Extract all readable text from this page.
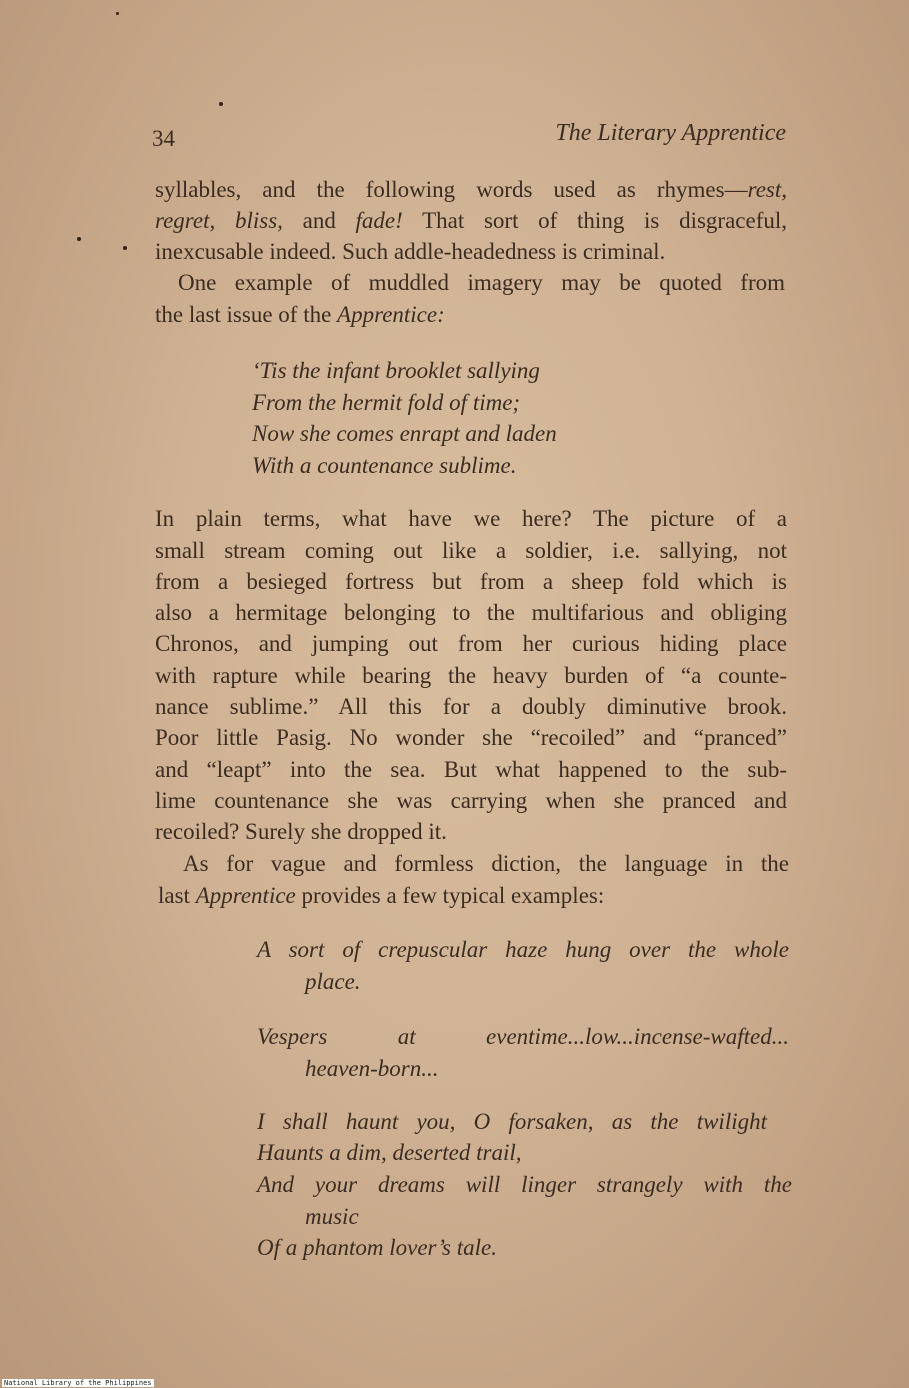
34	The Literary Apprentice
syllables, and the following words used as rhymes—rest,
regret, bliss, and fade! That sort of thing is disgraceful,
inexcusable indeed. Such addle-headedness is criminal.
One example of muddled imagery may be quoted from
the last issue of the Apprentice:
‘Tis the infant brooklet sallying
From the hermit fold of time;
Now she comes enrapt and laden
With a countenance sublime.
In plain terms, what have we here? The picture of a
small stream coming out like a soldier, i.e. sallying, not
from a besieged fortress but from a sheep fold which is
also a hermitage belonging to the multifarious and obliging
Chronos, and jumping out from her curious hiding place
with rapture while bearing the heavy burden of “a counte-
nance sublime.” All this for a doubly diminutive brook.
Poor little Pasig. No wonder she “recoiled” and “pranced”
and “leapt” into the sea. But what happened to the sub-
lime countenance she was carrying when she pranced and
recoiled? Surely she dropped it.
As for vague and formless diction, the language in the
last Apprentice provides a few typical examples:
A sort of crepuscular haze hung over the whole
place.
Vespers at eventime...low...incense-wafted...
heaven-born...
I shall haunt you, O forsaken, as the twilight
Haunts a dim, deserted trail,
And your dreams will linger strangely with the
music
Of a phantom lover’s tale.
National Library of the Philippines
